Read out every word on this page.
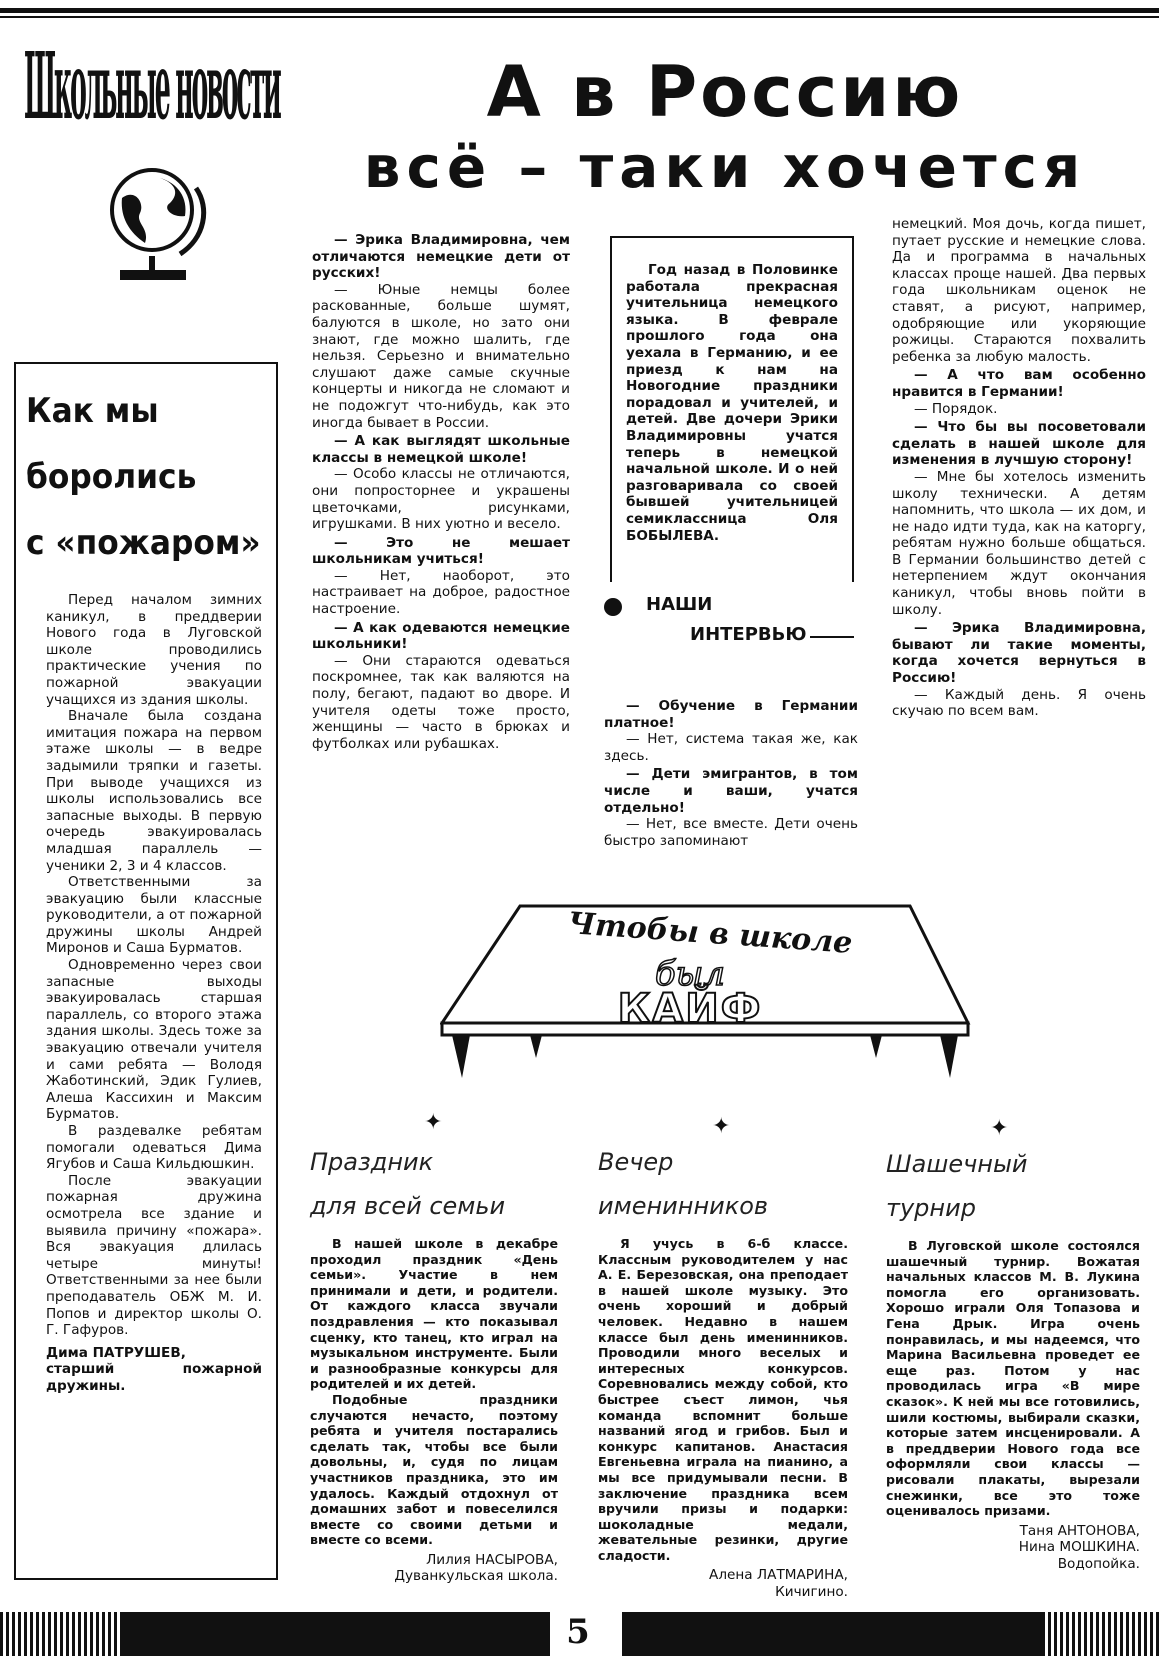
Школьные новости	А в Россию
всё – таки хочется
Как мы
боролись
с «пожаром»

Перед началом зимних каникул, в преддверии Нового года в Луговской школе проводились практические учения по пожарной эвакуации учащихся из здания школы.

Вначале была создана имитация пожара на первом этаже школы — в ведре задымили тряпки и газеты. При выводе учащихся из школы использовались все запасные выходы. В первую очередь эвакуировалась младшая параллель — ученики 2, 3 и 4 классов.

Ответственными за эвакуацию были классные руководители, а от пожарной дружины школы Андрей Миронов и Саша Бурматов.

Одновременно через свои запасные выходы эвакуировалась старшая параллель, со второго этажа здания школы. Здесь тоже за эвакуацию отвечали учителя и сами ребята — Володя Жаботинский, Эдик Гулиев, Алеша Кассихин и Максим Бурматов.

В раздевалке ребятам помогали одеваться Дима Ягубов и Саша Кильдюшкин.

После эвакуации пожарная дружина осмотрела все здание и выявила причину «пожара». Вся эвакуация длилась четыре минуты! Ответственными за нее были преподаватель ОБЖ М. И. Попов и директор школы О. Г. Гафуров.

Дима ПАТРУШЕВ,

старший пожарной дружины.

— Эрика Владимировна, чем отличаются немецкие дети от русских!

— Юные немцы более раскованные, больше шумят, балуются в школе, но зато они знают, где можно шалить, где нельзя. Серьезно и внимательно слушают даже самые скучные концерты и никогда не сломают и не подожгут что-нибудь, как это иногда бывает в России.

— А как выглядят школьные классы в немецкой школе!

— Особо классы не отличаются, они попросторнее и украшены цветочками, рисунками, игрушками. В них уютно и весело.

— Это не мешает школьникам учиться!

— Нет, наоборот, это настраивает на доброе, радостное настроение.

— А как одеваются немецкие школьники!

— Они стараются одеваться поскромнее, так как валяются на полу, бегают, падают во дворе. И учителя одеты тоже просто, женщины — часто в брюках и футболках или рубашках.

Год назад в Половинке работала прекрасная учительница немецкого языка. В феврале прошлого года она уехала в Германию, и ее приезд к нам на Новогодние праздники порадовал и учителей, и детей. Две дочери Эрики Владимировны учатся теперь в немецкой начальной школе. И о ней разговаривала со своей бывшей учительницей семиклассница Оля БОБЫЛЕВА.

НАШИ
ИНТЕРВЬЮ

— Обучение в Германии платное!

— Нет, система такая же, как здесь.

— Дети эмигрантов, в том числе и ваши, учатся отдельно!

— Нет, все вместе. Дети очень быстро запоминают

немецкий. Моя дочь, когда пишет, путает русские и немецкие слова. Да и программа в начальных классах проще нашей. Два первых года школьникам оценок не ставят, а рисуют, например, одобряющие или укоряющие рожицы. Стараются похвалить ребенка за любую малость.

— А что вам особенно нравится в Германии!

— Порядок.

— Что бы вы посоветовали сделать в нашей школе для изменения в лучшую сторону!

— Мне бы хотелось изменить школу технически. А детям напомнить, что школа — их дом, и не надо идти туда, как на каторгу, ребятам нужно больше общаться. В Германии большинство детей с нетерпением ждут окончания каникул, чтобы вновь пойти в школу.

— Эрика Владимировна, бывают ли такие моменты, когда хочется вернуться в Россию!

— Каждый день. Я очень скучаю по всем вам.

Чтобы в школе
был
КАЙФ
✦	✦	✦
Праздник
для всей семьи

В нашей школе в декабре проходил праздник «День семьи». Участие в нем принимали и дети, и родители. От каждого класса звучали поздравления — кто показывал сценку, кто танец, кто играл на музыкальном инструменте. Были и разнообразные конкурсы для родителей и их детей.

Подобные праздники случаются нечасто, поэтому ребята и учителя постарались сделать так, чтобы все были довольны, и, судя по лицам участников праздника, это им удалось. Каждый отдохнул от домашних забот и повеселился вместе со своими детьми и вместе со всеми.

Лилия НАСЫРОВА,
Дуванкульская школа.
Вечер
именинников

Я учусь в 6-б классе. Классным руководителем у нас А. Е. Березовская, она преподает в нашей школе музыку. Это очень хороший и добрый человек. Недавно в нашем классе был день именинников. Проводили много веселых и интересных конкурсов. Соревновались между собой, кто быстрее съест лимон, чья команда вспомнит больше названий ягод и грибов. Был и конкурс капитанов. Анастасия Евгеньевна играла на пианино, а мы все придумывали песни. В заключение праздника всем вручили призы и подарки: шоколадные медали, жевательные резинки, другие сладости.

Алена ЛАТМАРИНА,
Кичигино.
Шашечный
турнир

В Луговской школе состоялся шашечный турнир. Вожатая начальных классов М. В. Лукина помогла его организовать. Хорошо играли Оля Топазова и Гена Дрык. Игра очень понравилась, и мы надеемся, что Марина Васильевна проведет ее еще раз. Потом у нас проводилась игра «В мире сказок». К ней мы все готовились, шили костюмы, выбирали сказки, которые затем инсценировали. А в преддверии Нового года все оформляли свои классы — рисовали плакаты, вырезали снежинки, все это тоже оценивалось призами.

Таня АНТОНОВА,
Нина МОШКИНА.
Водопойка.
5
